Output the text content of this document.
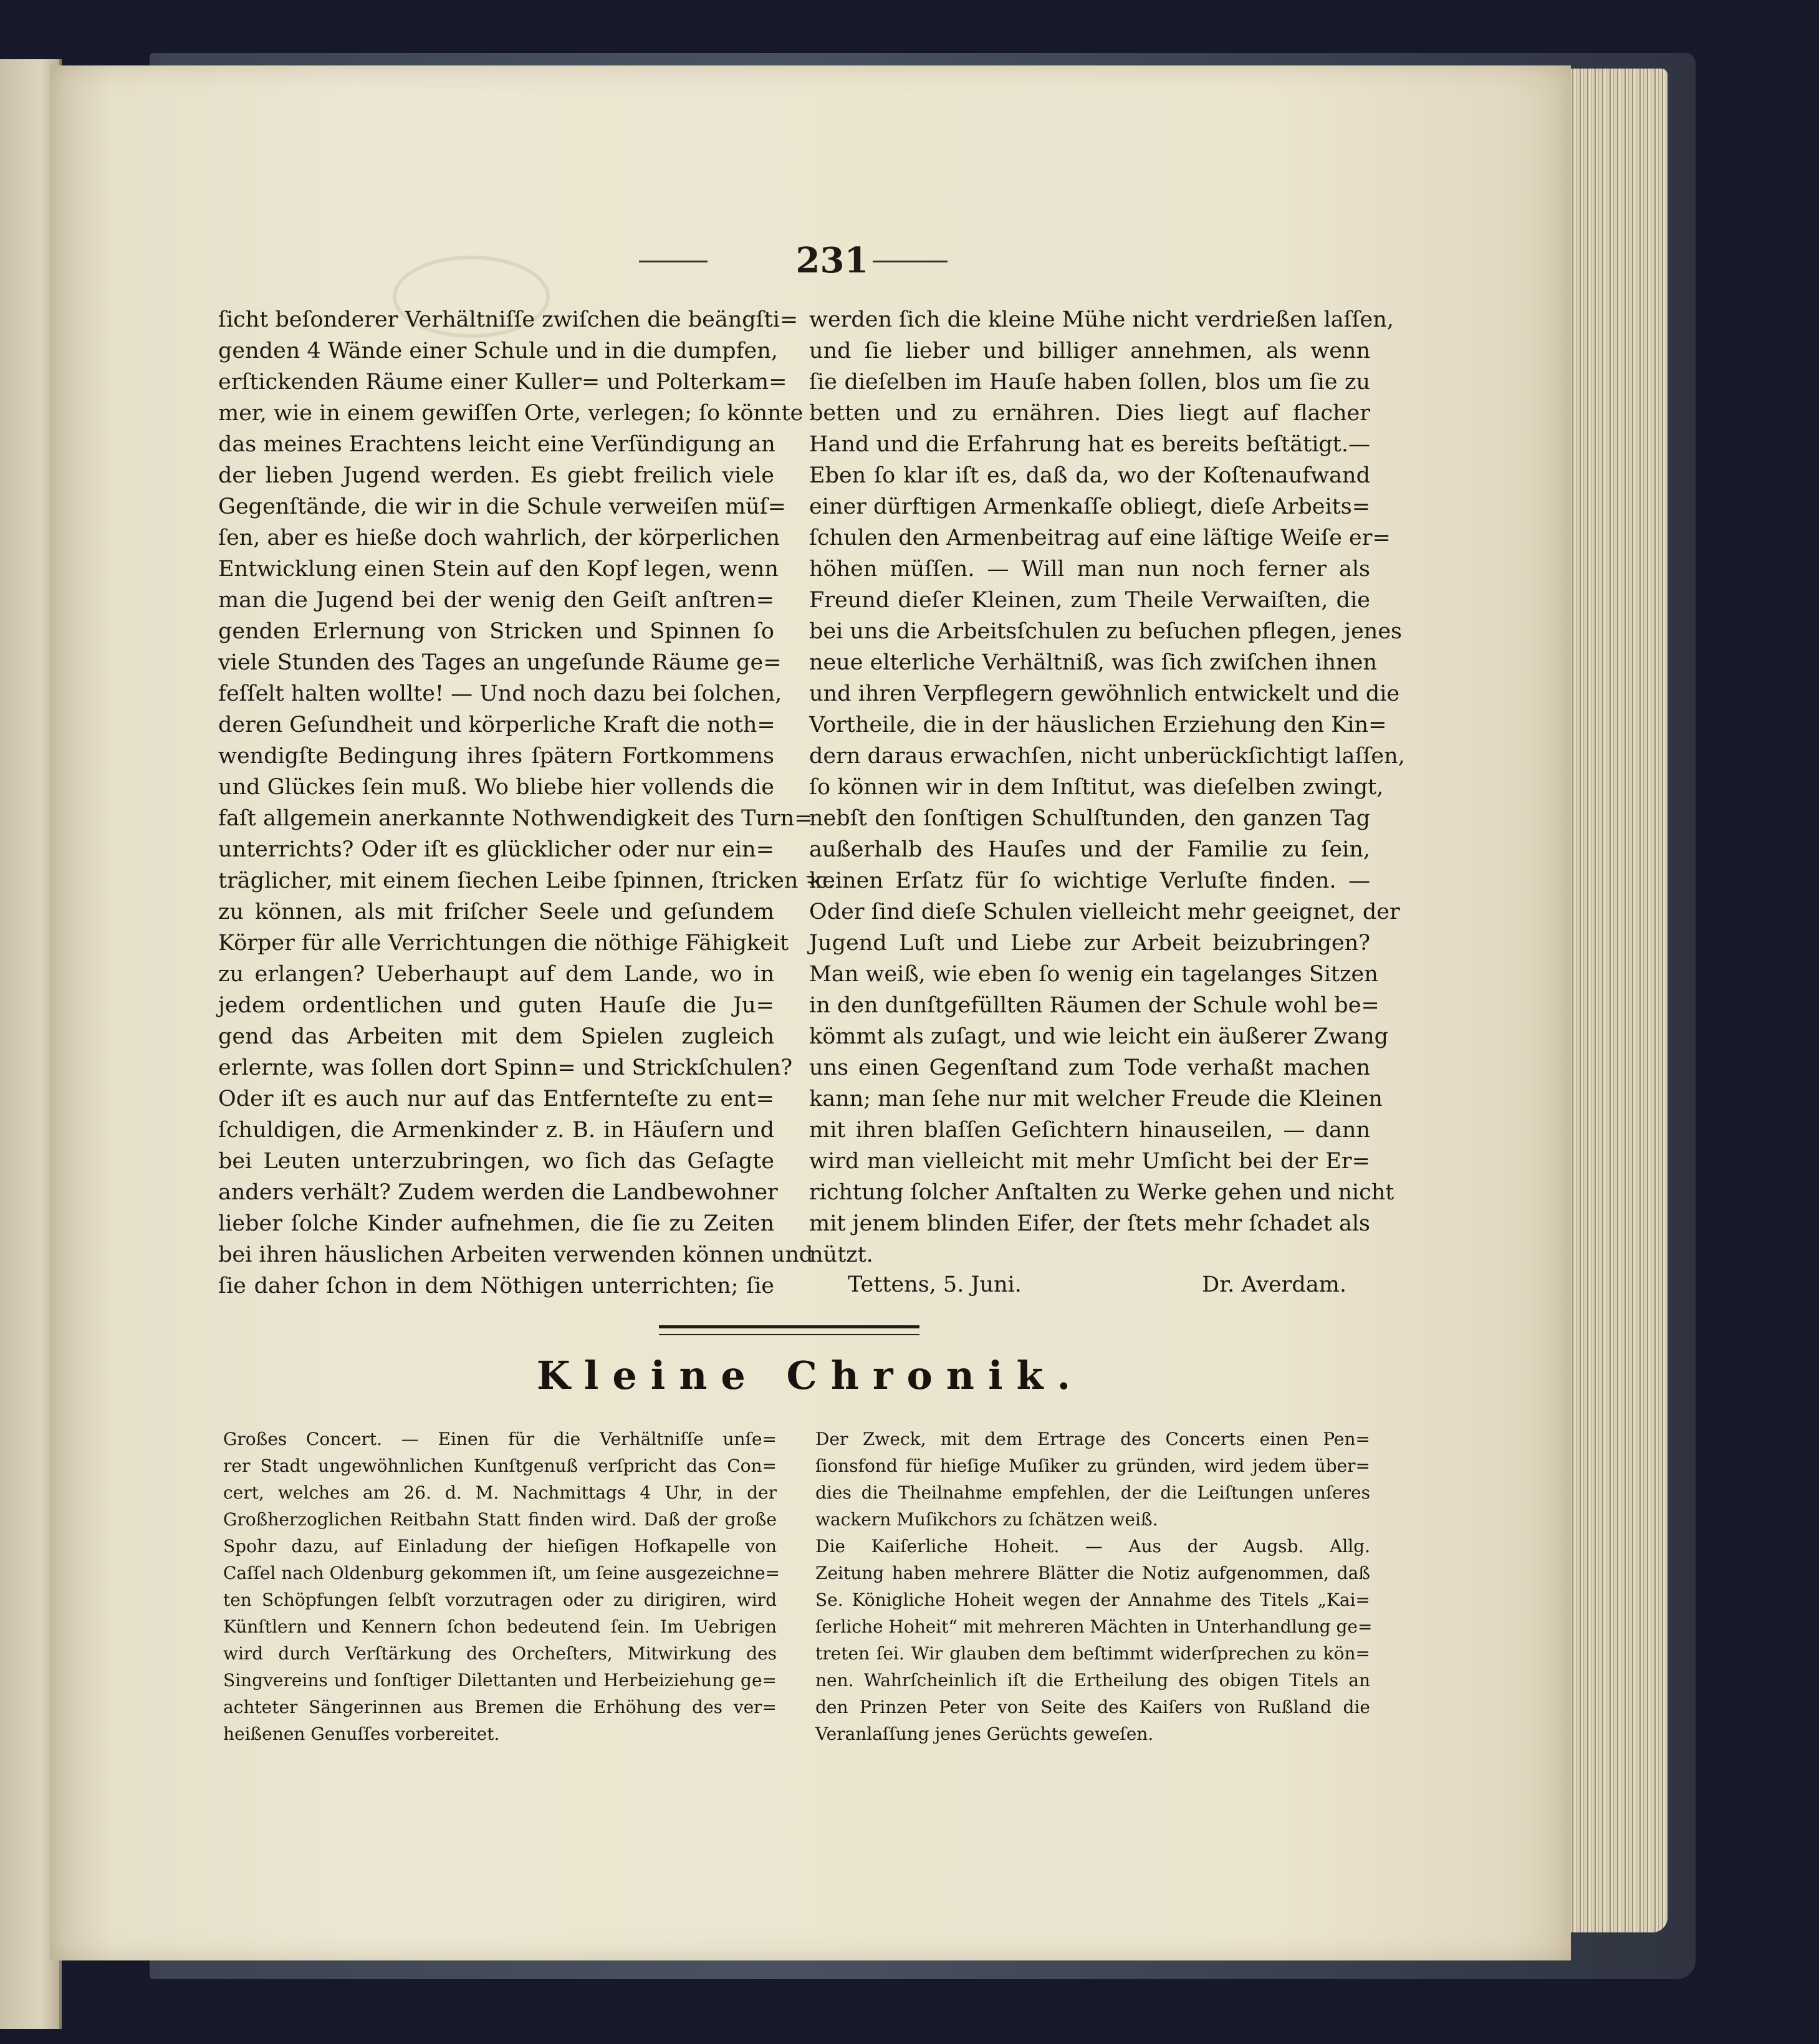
231
ſicht beſonderer Verhältniſſe zwiſchen die beängſti=
genden 4 Wände einer Schule und in die dumpfen,
erſtickenden Räume einer Kuller= und Polterkam=
mer, wie in einem gewiſſen Orte, verlegen; ſo könnte
das meines Erachtens leicht eine Verſündigung an
der lieben Jugend werden. Es giebt freilich viele
Gegenſtände, die wir in die Schule verweiſen müſ=
ſen, aber es hieße doch wahrlich, der körperlichen
Entwicklung einen Stein auf den Kopf legen, wenn
man die Jugend bei der wenig den Geiſt anſtren=
genden Erlernung von Stricken und Spinnen ſo
viele Stunden des Tages an ungeſunde Räume ge=
feſſelt halten wollte! — Und noch dazu bei ſolchen,
deren Geſundheit und körperliche Kraft die noth=
wendigſte Bedingung ihres ſpätern Fortkommens
und Glückes ſein muß. Wo bliebe hier vollends die
faſt allgemein anerkannte Nothwendigkeit des Turn=
unterrichts? Oder iſt es glücklicher oder nur ein=
träglicher, mit einem ſiechen Leibe ſpinnen, ſtricken ꝛc.
zu können, als mit friſcher Seele und geſundem
Körper für alle Verrichtungen die nöthige Fähigkeit
zu erlangen? Ueberhaupt auf dem Lande, wo in
jedem ordentlichen und guten Hauſe die Ju=
gend das Arbeiten mit dem Spielen zugleich
erlernte, was ſollen dort Spinn= und Strickſchulen?
Oder iſt es auch nur auf das Entfernteſte zu ent=
ſchuldigen, die Armenkinder z. B. in Häuſern und
bei Leuten unterzubringen, wo ſich das Geſagte
anders verhält? Zudem werden die Landbewohner
lieber ſolche Kinder aufnehmen, die ſie zu Zeiten
bei ihren häuslichen Arbeiten verwenden können und
ſie daher ſchon in dem Nöthigen unterrichten; ſie
werden ſich die kleine Mühe nicht verdrießen laſſen,
und ſie lieber und billiger annehmen, als wenn
ſie dieſelben im Hauſe haben ſollen, blos um ſie zu
betten und zu ernähren. Dies liegt auf flacher
Hand und die Erfahrung hat es bereits beſtätigt.—
Eben ſo klar iſt es, daß da, wo der Koſtenaufwand
einer dürftigen Armenkaſſe obliegt, dieſe Arbeits=
ſchulen den Armenbeitrag auf eine läſtige Weiſe er=
höhen müſſen. — Will man nun noch ferner als
Freund dieſer Kleinen, zum Theile Verwaiſten, die
bei uns die Arbeitsſchulen zu beſuchen pflegen, jenes
neue elterliche Verhältniß, was ſich zwiſchen ihnen
und ihren Verpflegern gewöhnlich entwickelt und die
Vortheile, die in der häuslichen Erziehung den Kin=
dern daraus erwachſen, nicht unberückſichtigt laſſen,
ſo können wir in dem Inſtitut, was dieſelben zwingt,
nebſt den ſonſtigen Schulſtunden, den ganzen Tag
außerhalb des Hauſes und der Familie zu ſein,
keinen Erſatz für ſo wichtige Verluſte finden. —
Oder ſind dieſe Schulen vielleicht mehr geeignet, der
Jugend Luſt und Liebe zur Arbeit beizubringen?
Man weiß, wie eben ſo wenig ein tagelanges Sitzen
in den dunſtgefüllten Räumen der Schule wohl be=
kömmt als zuſagt, und wie leicht ein äußerer Zwang
uns einen Gegenſtand zum Tode verhaßt machen
kann; man ſehe nur mit welcher Freude die Kleinen
mit ihren blaſſen Geſichtern hinauseilen, — dann
wird man vielleicht mit mehr Umſicht bei der Er=
richtung ſolcher Anſtalten zu Werke gehen und nicht
mit jenem blinden Eifer, der ſtets mehr ſchadet als
nützt.
Tettens, 5. Juni.	Dr. Averdam.
Kleine Chronik.
Großes Concert. — Einen für die Verhältniſſe unſe=
rer Stadt ungewöhnlichen Kunſtgenuß verſpricht das Con=
cert, welches am 26. d. M. Nachmittags 4 Uhr, in der
Großherzoglichen Reitbahn Statt finden wird. Daß der große
Spohr dazu, auf Einladung der hieſigen Hofkapelle von
Caſſel nach Oldenburg gekommen iſt, um ſeine ausgezeichne=
ten Schöpfungen ſelbſt vorzutragen oder zu dirigiren, wird
Künſtlern und Kennern ſchon bedeutend ſein. Im Uebrigen
wird durch Verſtärkung des Orcheſters, Mitwirkung des
Singvereins und ſonſtiger Dilettanten und Herbeiziehung ge=
achteter Sängerinnen aus Bremen die Erhöhung des ver=
heißenen Genuſſes vorbereitet.
Der Zweck, mit dem Ertrage des Concerts einen Pen=
ſionsfond für hieſige Muſiker zu gründen, wird jedem über=
dies die Theilnahme empfehlen, der die Leiſtungen unſeres
wackern Muſikchors zu ſchätzen weiß.
Die Kaiſerliche Hoheit. — Aus der Augsb. Allg.
Zeitung haben mehrere Blätter die Notiz aufgenommen, daß
Se. Königliche Hoheit wegen der Annahme des Titels „Kai=
ſerliche Hoheit“ mit mehreren Mächten in Unterhandlung ge=
treten ſei. Wir glauben dem beſtimmt widerſprechen zu kön=
nen. Wahrſcheinlich iſt die Ertheilung des obigen Titels an
den Prinzen Peter von Seite des Kaiſers von Rußland die
Veranlaſſung jenes Gerüchts geweſen.
